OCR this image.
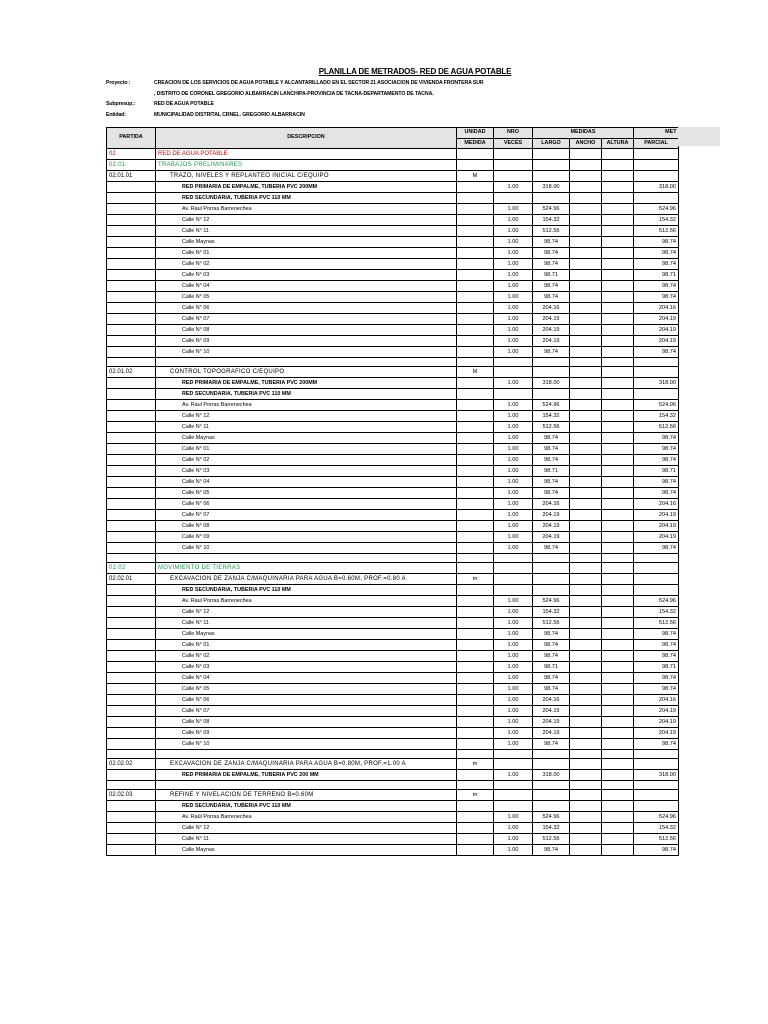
PLANILLA DE METRADOS- RED DE AGUA POTABLE
Proyecto :	CREACION DE LOS SERVICIOS DE AGUA POTABLE Y ALCANTARILLADO EN EL SECTOR 21 ASOCIACION DE VIVIENDA FRONTERA SUR
, DISTRITO DE CORONEL GREGORIO ALBARRACIN LANCHIPA-PROVINCIA DE TACNA-DEPARTAMENTO DE TACNA.
Subpresup.:	RED DE AGUA POTABLE
Entidad:	MUNICIPALIDAD DISTRITAL CRNEL. GREGORIO ALBARRACIN
PARTIDA	DESCRIPCION	UNIDAD	NRO	MEDIDAS			MET
		MEDIDA	VECES	LARGO	ANCHO	ALTURA	PARCIAL
02	RED DE AGUA POTABLE						
02.01	TRABAJOS PRELIMINARES						
02.01.01	TRAZO, NIVELES Y REPLANTEO INICIAL C/EQUIPO	M					
	RED PRIMARIA DE EMPALME, TUBERIA PVC 200MM		1.00	318.00			318.00
	RED SECUNDARIA, TUBERIA PVC 110 MM						
	Av. Raul Porras Barrenechea		1.00	524.96			524.96
	Calle N° 12		1.00	154.32			154.32
	Calle N° 11		1.00	512.56			512.56
	Calle Maynas		1.00	98.74			98.74
	Calle N° 01		1.00	98.74			98.74
	Calle N° 02		1.00	98.74			98.74
	Calle N° 03		1.00	98.71			98.71
	Calle N° 04		1.00	98.74			98.74
	Calle N° 05		1.00	98.74			98.74
	Calle N° 06		1.00	204.16			204.16
	Calle N° 07		1.00	204.19			204.19
	Calle N° 08		1.00	204.19			204.19
	Calle N° 09		1.00	204.19			204.19
	Calle N° 10		1.00	98.74			98.74

02.01.02	CONTROL TOPOGRAFICO C/EQUIPO	M					
	RED PRIMARIA DE EMPALME, TUBERIA PVC 200MM		1.00	318.00			318.00
	RED SECUNDARIA, TUBERIA PVC 110 MM						
	Av. Raul Porras Barrenechea		1.00	524.96			524.96
	Calle N° 12		1.00	154.32			154.32
	Calle N° 11		1.00	512.56			512.56
	Calle Maynas		1.00	98.74			98.74
	Calle N° 01		1.00	98.74			98.74
	Calle N° 02		1.00	98.74			98.74
	Calle N° 03		1.00	98.71			98.71
	Calle N° 04		1.00	98.74			98.74
	Calle N° 05		1.00	98.74			98.74
	Calle N° 06		1.00	204.16			204.16
	Calle N° 07		1.00	204.19			204.19
	Calle N° 08		1.00	204.19			204.19
	Calle N° 09		1.00	204.19			204.19
	Calle N° 10		1.00	98.74			98.74

02.02	MOVIMIENTO DE TIERRAS						
02.02.01	EXCAVACION DE ZANJA C/MAQUINARIA PARA AGUA B=0.60M, PROF.=0.80 A	m					
	RED SECUNDARIA, TUBERIA PVC 110 MM						
	Av. Raul Porras Barrenechea		1.00	524.96			524.96
	Calle N° 12		1.00	154.32			154.32
	Calle N° 11		1.00	512.56			512.56
	Calle Maynas		1.00	98.74			98.74
	Calle N° 01		1.00	98.74			98.74
	Calle N° 02		1.00	98.74			98.74
	Calle N° 03		1.00	98.71			98.71
	Calle N° 04		1.00	98.74			98.74
	Calle N° 05		1.00	98.74			98.74
	Calle N° 06		1.00	204.16			204.16
	Calle N° 07		1.00	204.19			204.19
	Calle N° 08		1.00	204.19			204.19
	Calle N° 09		1.00	204.19			204.19
	Calle N° 10		1.00	98.74			98.74

02.02.02	EXCAVACION DE ZANJA C/MAQUINARIA PARA AGUA B=0.80M, PROF.=1.00 A	m					
	RED PRIMARIA DE EMPALME, TUBERIA PVC 200 MM		1.00	318.00			318.00

02.02.03	REFINE Y NIVELACION DE TERRENO B=0.60M	m					
	RED SECUNDARIA, TUBERIA PVC 110 MM						
	Av. Raúl Porras Barrenechea		1.00	524.96			524.96
	Calle N° 12		1.00	154.32			154.32
	Calle N° 11		1.00	512.56			512.56
	Calle Maynas		1.00	98.74			98.74
